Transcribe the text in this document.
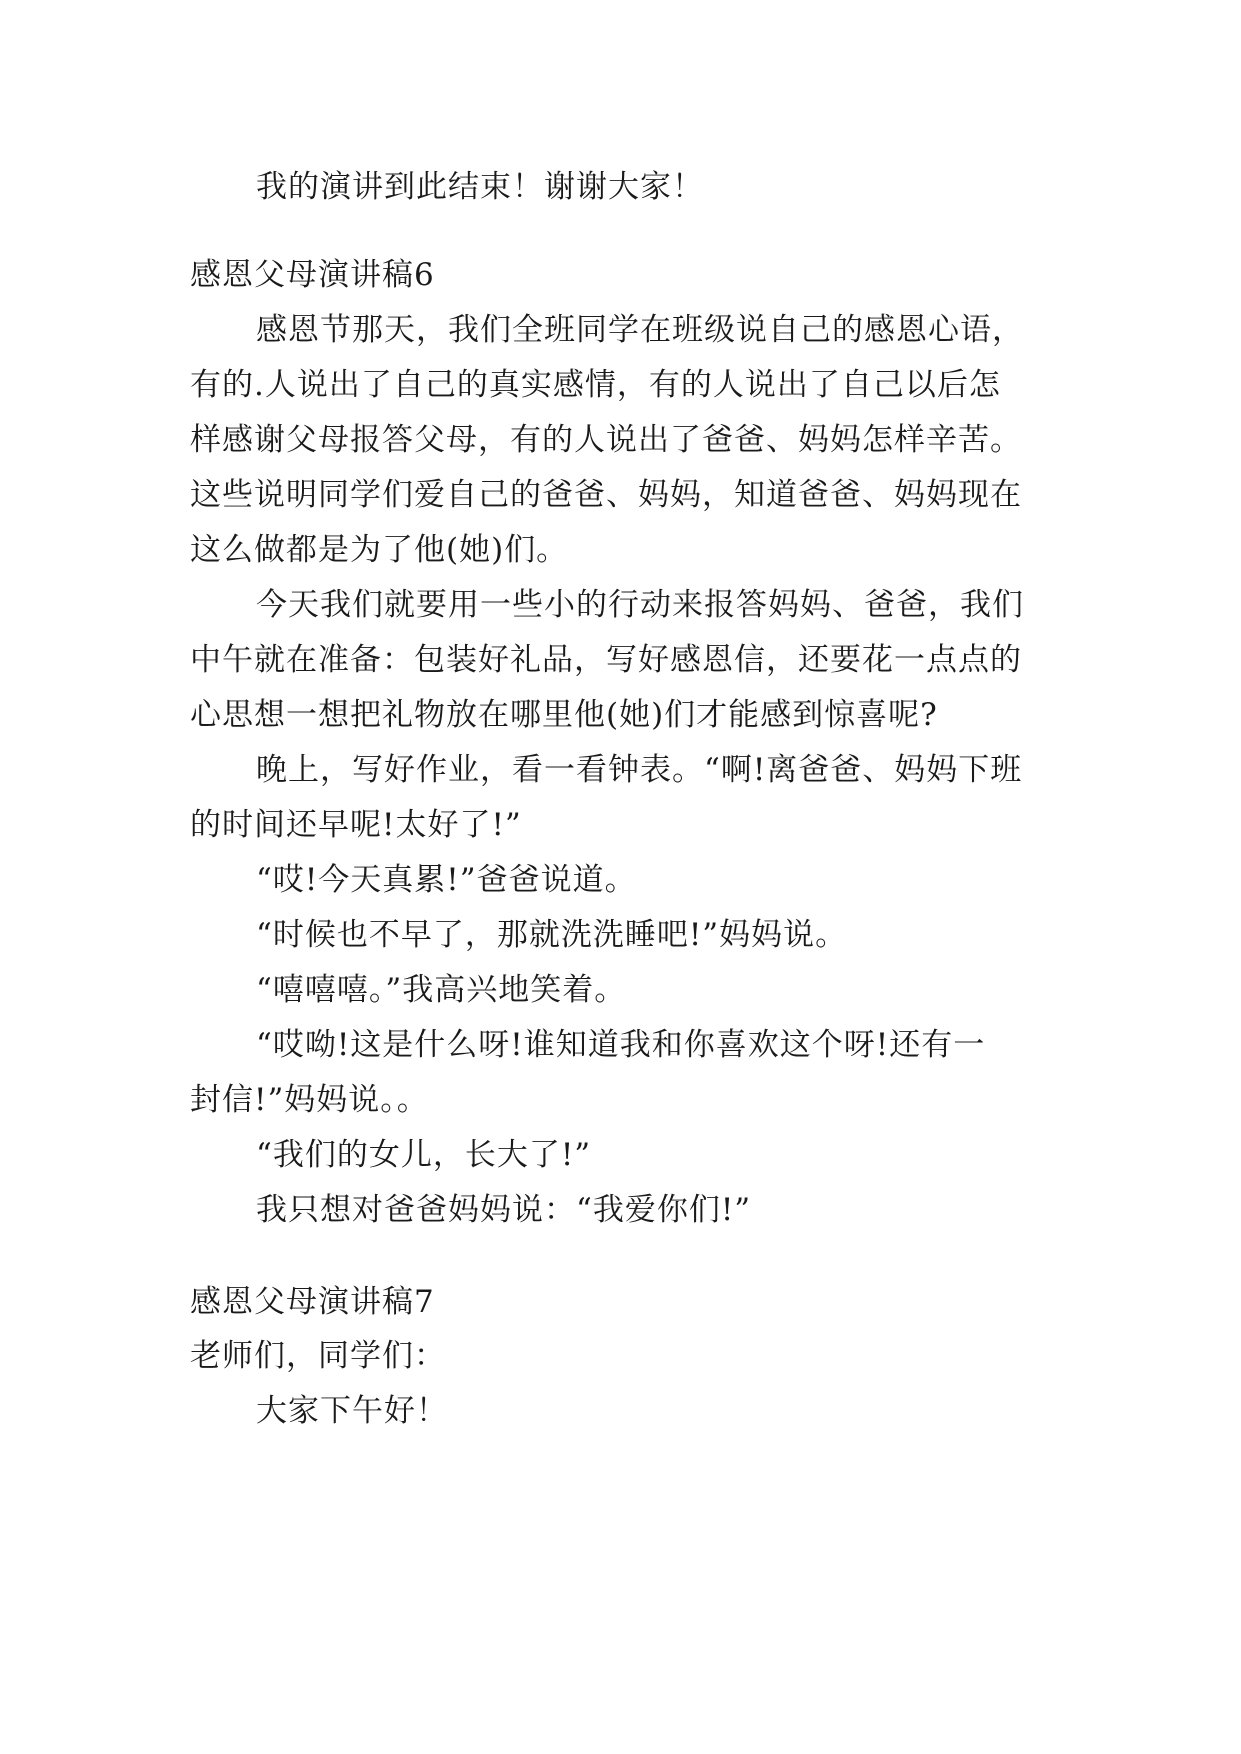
我的演讲到此结束！谢谢大家！
感恩父母演讲稿6
感恩节那天，我们全班同学在班级说自己的感恩心语，
有的.人说出了自己的真实感情，有的人说出了自己以后怎
样感谢父母报答父母，有的人说出了爸爸、妈妈怎样辛苦。
这些说明同学们爱自己的爸爸、妈妈，知道爸爸、妈妈现在
这么做都是为了他(她)们。
今天我们就要用一些小的行动来报答妈妈、爸爸，我们
中午就在准备：包装好礼品，写好感恩信，还要花一点点的
心思想一想把礼物放在哪里他(她)们才能感到惊喜呢?
晚上，写好作业，看一看钟表。“啊!离爸爸、妈妈下班
的时间还早呢!太好了!”
“哎!今天真累!”爸爸说道。
“时候也不早了，那就洗洗睡吧!”妈妈说。
“嘻嘻嘻。”我高兴地笑着。
“哎呦!这是什么呀!谁知道我和你喜欢这个呀!还有一
封信!”妈妈说。。
“我们的女儿，长大了!”
我只想对爸爸妈妈说：“我爱你们!”
感恩父母演讲稿7
老师们，同学们：
大家下午好！
